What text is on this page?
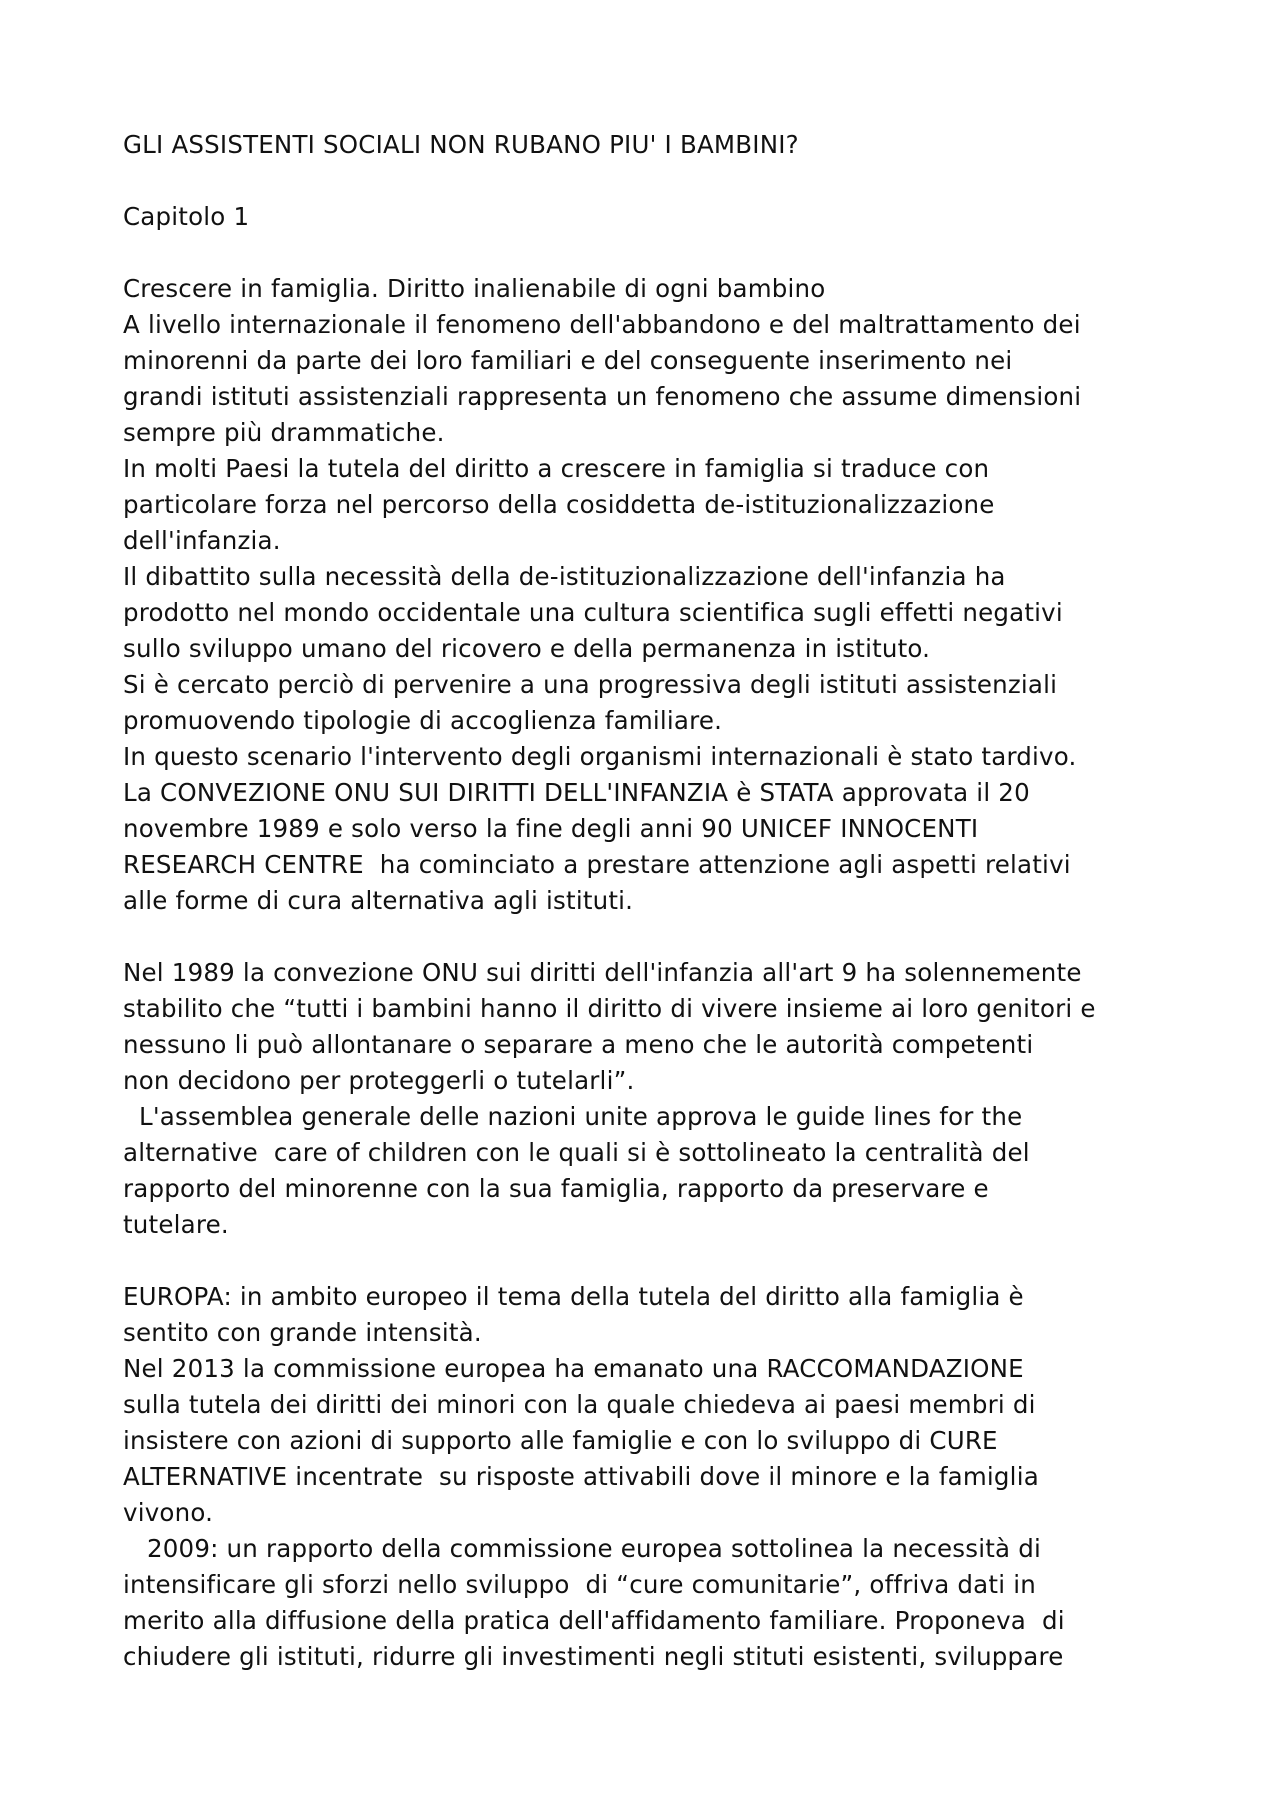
GLI ASSISTENTI SOCIALI NON RUBANO PIU' I BAMBINI?
Capitolo 1
Crescere in famiglia. Diritto inalienabile di ogni bambino
A livello internazionale il fenomeno dell'abbandono e del maltrattamento dei
minorenni da parte dei loro familiari e del conseguente inserimento nei
grandi istituti assistenziali rappresenta un fenomeno che assume dimensioni
sempre più drammatiche.
In molti Paesi la tutela del diritto a crescere in famiglia si traduce con
particolare forza nel percorso della cosiddetta de-istituzionalizzazione
dell'infanzia.
Il dibattito sulla necessità della de-istituzionalizzazione dell'infanzia ha
prodotto nel mondo occidentale una cultura scientifica sugli effetti negativi
sullo sviluppo umano del ricovero e della permanenza in istituto.
Si è cercato perciò di pervenire a una progressiva degli istituti assistenziali
promuovendo tipologie di accoglienza familiare.
In questo scenario l'intervento degli organismi internazionali è stato tardivo.
La CONVEZIONE ONU SUI DIRITTI DELL'INFANZIA è STATA approvata il 20
novembre 1989 e solo verso la fine degli anni 90 UNICEF INNOCENTI
RESEARCH CENTRE  ha cominciato a prestare attenzione agli aspetti relativi
alle forme di cura alternativa agli istituti.
Nel 1989 la convezione ONU sui diritti dell'infanzia all'art 9 ha solennemente
stabilito che “tutti i bambini hanno il diritto di vivere insieme ai loro genitori e
nessuno li può allontanare o separare a meno che le autorità competenti
non decidono per proteggerli o tutelarli”.
L'assemblea generale delle nazioni unite approva le guide lines for the
alternative  care of children con le quali si è sottolineato la centralità del
rapporto del minorenne con la sua famiglia, rapporto da preservare e
tutelare.
EUROPA: in ambito europeo il tema della tutela del diritto alla famiglia è
sentito con grande intensità.
Nel 2013 la commissione europea ha emanato una RACCOMANDAZIONE
sulla tutela dei diritti dei minori con la quale chiedeva ai paesi membri di
insistere con azioni di supporto alle famiglie e con lo sviluppo di CURE
ALTERNATIVE incentrate  su risposte attivabili dove il minore e la famiglia
vivono.
2009: un rapporto della commissione europea sottolinea la necessità di
intensificare gli sforzi nello sviluppo  di “cure comunitarie”, offriva dati in
merito alla diffusione della pratica dell'affidamento familiare. Proponeva  di
chiudere gli istituti, ridurre gli investimenti negli stituti esistenti, sviluppare
